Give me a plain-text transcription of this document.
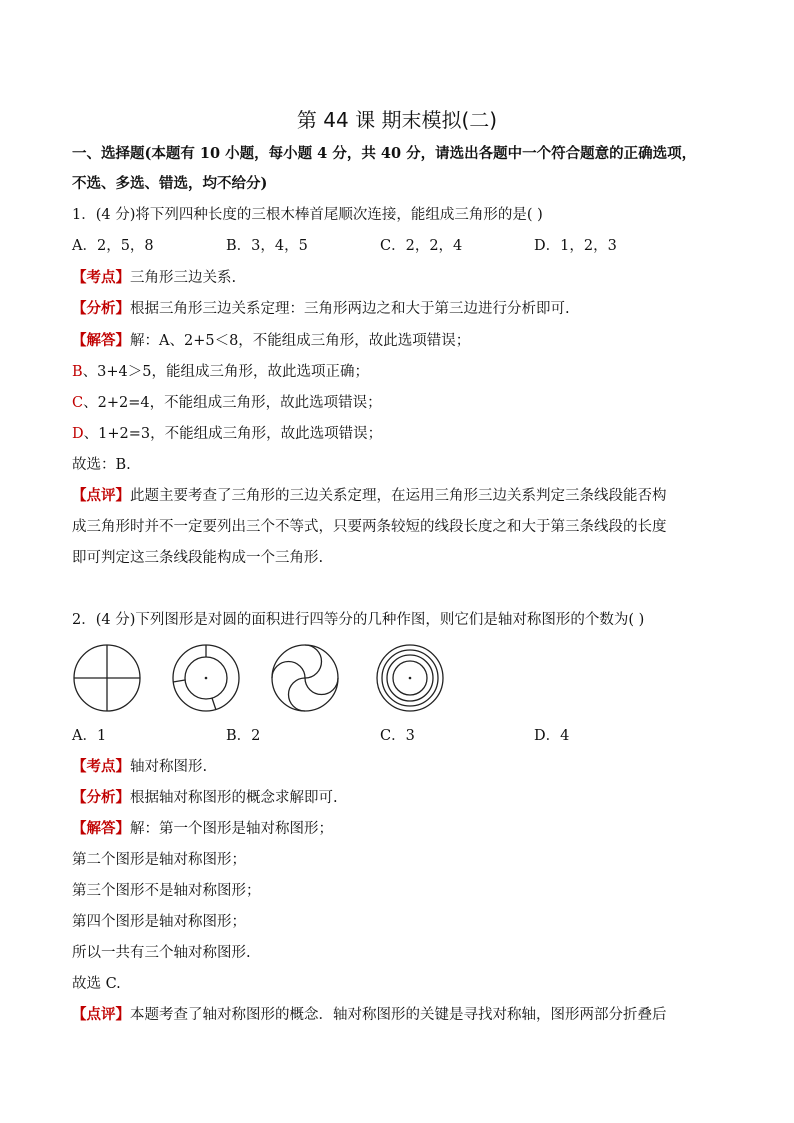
第 44 课 期末模拟(二)
一、选择题(本题有 10 小题，每小题 4 分，共 40 分，请选出各题中一个符合题意的正确选项，
不选、多选、错选，均不给分)
1．(4 分)将下列四种长度的三根木棒首尾顺次连接，能组成三角形的是( )
A．2，5，8	B．3，4，5	C．2，2，4	D．1，2，3
【考点】三角形三边关系.
【分析】根据三角形三边关系定理：三角形两边之和大于第三边进行分析即可.
【解答】解：A、2+5＜8，不能组成三角形，故此选项错误；
B、3+4＞5，能组成三角形，故此选项正确；
C、2+2=4，不能组成三角形，故此选项错误；
D、1+2=3，不能组成三角形，故此选项错误；
故选：B.
【点评】此题主要考查了三角形的三边关系定理，在运用三角形三边关系判定三条线段能否构
成三角形时并不一定要列出三个不等式，只要两条较短的线段长度之和大于第三条线段的长度
即可判定这三条线段能构成一个三角形.
2．(4 分)下列图形是对圆的面积进行四等分的几种作图，则它们是轴对称图形的个数为( )
A．1	B．2	C．3	D．4
【考点】轴对称图形.
【分析】根据轴对称图形的概念求解即可.
【解答】解：第一个图形是轴对称图形；
第二个图形是轴对称图形；
第三个图形不是轴对称图形；
第四个图形是轴对称图形；
所以一共有三个轴对称图形.
故选 C.
【点评】本题考查了轴对称图形的概念．轴对称图形的关键是寻找对称轴，图形两部分折叠后
